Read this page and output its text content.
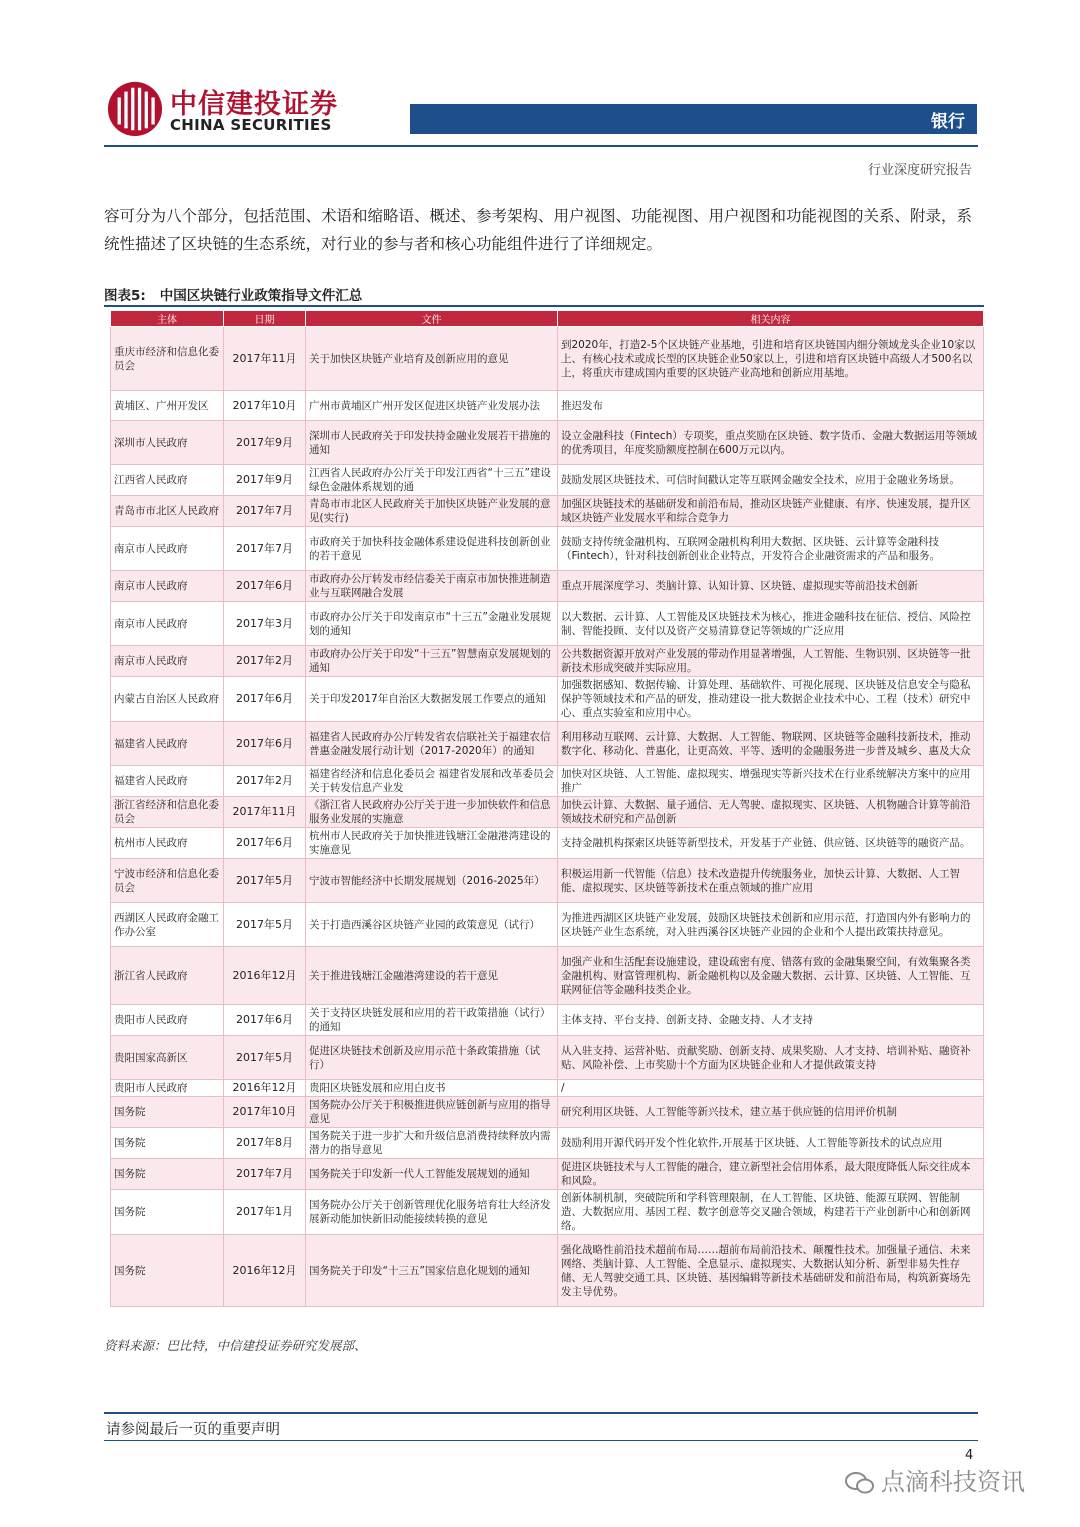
中信建投证券
CHINA SECURITIES	银行
行业深度研究报告

容可分为八个部分，包括范围、术语和缩略语、概述、参考架构、用户视图、功能视图、用户视图和功能视图的关系、附录，系统性描述了区块链的生态系统，对行业的参与者和核心功能组件进行了详细规定。

图表5: 中国区块链行业政策指导文件汇总
主体	日期	文件	相关内容
重庆市经济和信息化委员会	2017年11月	关于加快区块链产业培育及创新应用的意见	到2020年，打造2-5个区块链产业基地，引进和培育区块链国内细分领域龙头企业10家以上、有核心技术或成长型的区块链企业50家以上，引进和培育区块链中高级人才500名以上，将重庆市建成国内重要的区块链产业高地和创新应用基地。
黄埔区、广州开发区	2017年10月	广州市黄埔区广州开发区促进区块链产业发展办法	推迟发布
深圳市人民政府	2017年9月	深圳市人民政府关于印发扶持金融业发展若干措施的通知	设立金融科技（Fintech）专项奖，重点奖励在区块链、数字货币、金融大数据运用等领域的优秀项目，年度奖励额度控制在600万元以内。
江西省人民政府	2017年9月	江西省人民政府办公厅关于印发江西省“十三五”建设绿色金融体系规划的通	鼓励发展区块链技术、可信时间戳认定等互联网金融安全技术，应用于金融业务场景。
青岛市市北区人民政府	2017年7月	青岛市市北区人民政府关于加快区块链产业发展的意见(实行)	加强区块链技术的基础研发和前沿布局，推动区块链产业健康、有序、快速发展，提升区域区块链产业发展水平和综合竞争力
南京市人民政府	2017年7月	市政府关于加快科技金融体系建设促进科技创新创业的若干意见	鼓励支持传统金融机构、互联网金融机构利用大数据、区块链、云计算等金融科技（Fintech），针对科技创新创业企业特点，开发符合企业融资需求的产品和服务。
南京市人民政府	2017年6月	市政府办公厅转发市经信委关于南京市加快推进制造业与互联网融合发展	重点开展深度学习、类脑计算、认知计算、区块链、虚拟现实等前沿技术创新
南京市人民政府	2017年3月	市政府办公厅关于印发南京市“十三五”金融业发展规划的通知	以大数据、云计算、人工智能及区块链技术为核心，推进金融科技在征信、授信、风险控制、智能投顾、支付以及资产交易清算登记等领域的广泛应用
南京市人民政府	2017年2月	市政府办公厅关于印发“十三五”智慧南京发展规划的通知	公共数据资源开放对产业发展的带动作用显著增强，人工智能、生物识别、区块链等一批新技术形成突破并实际应用。
内蒙古自治区人民政府	2017年6月	关于印发2017年自治区大数据发展工作要点的通知	加强数据感知、数据传输、计算处理、基础软件、可视化展现、区块链及信息安全与隐私保护等领域技术和产品的研发，推动建设一批大数据企业技术中心、工程（技术）研究中心、重点实验室和应用中心。
福建省人民政府	2017年6月	福建省人民政府办公厅转发省农信联社关于福建农信普惠金融发展行动计划（2017-2020年）的通知	利用移动互联网、云计算、大数据、人工智能、物联网、区块链等金融科技新技术，推动数字化、移动化、普惠化，让更高效、平等、透明的金融服务进一步普及城乡、惠及大众
福建省人民政府	2017年2月	福建省经济和信息化委员会 福建省发展和改革委员会关于转发信息产业发	加快对区块链、人工智能、虚拟现实、增强现实等新兴技术在行业系统解决方案中的应用推广
浙江省经济和信息化委员会	2017年11月	《浙江省人民政府办公厅关于进一步加快软件和信息服务业发展的实施意	加快云计算、大数据、量子通信、无人驾驶、虚拟现实、区块链、人机物融合计算等前沿领域技术研究和产品创新
杭州市人民政府	2017年6月	杭州市人民政府关于加快推进钱塘江金融港湾建设的实施意见	支持金融机构探索区块链等新型技术，开发基于产业链、供应链、区块链等的融资产品。
宁波市经济和信息化委员会	2017年5月	宁波市智能经济中长期发展规划（2016-2025年）	积极运用新一代智能（信息）技术改造提升传统服务业，加快云计算、大数据、人工智能、虚拟现实、区块链等新技术在重点领域的推广应用
西湖区人民政府金融工作办公室	2017年5月	关于打造西溪谷区块链产业园的政策意见（试行）	为推进西湖区区块链产业发展，鼓励区块链技术创新和应用示范，打造国内外有影响力的区块链产业生态系统，对入驻西溪谷区块链产业园的企业和个人提出政策扶持意见。
浙江省人民政府	2016年12月	关于推进钱塘江金融港湾建设的若干意见	加强产业和生活配套设施建设，建设疏密有度、错落有致的金融集聚空间，有效集聚各类金融机构、财富管理机构、新金融机构以及金融大数据、云计算、区块链、人工智能、互联网征信等金融科技类企业。
贵阳市人民政府	2017年6月	关于支持区块链发展和应用的若干政策措施（试行）的通知	主体支持、平台支持、创新支持、金融支持、人才支持
贵阳国家高新区	2017年5月	促进区块链技术创新及应用示范十条政策措施（试行）	从入驻支持、运营补贴、贡献奖励、创新支持、成果奖励、人才支持、培训补贴、融资补贴、风险补偿、上市奖励十个方面为区块链企业和人才提供政策支持
贵阳市人民政府	2016年12月	贵阳区块链发展和应用白皮书	/
国务院	2017年10月	国务院办公厅关于积极推进供应链创新与应用的指导意见	研究利用区块链、人工智能等新兴技术，建立基于供应链的信用评价机制
国务院	2017年8月	国务院关于进一步扩大和升级信息消费持续释放内需潜力的指导意见	鼓励利用开源代码开发个性化软件,开展基于区块链、人工智能等新技术的试点应用
国务院	2017年7月	国务院关于印发新一代人工智能发展规划的通知	促进区块链技术与人工智能的融合，建立新型社会信用体系，最大限度降低人际交往成本和风险。
国务院	2017年1月	国务院办公厅关于创新管理优化服务培育壮大经济发展新动能加快新旧动能接续转换的意见	创新体制机制，突破院所和学科管理限制，在人工智能、区块链、能源互联网、智能制造、大数据应用、基因工程、数字创意等交叉融合领域，构建若干产业创新中心和创新网络。
国务院	2016年12月	国务院关于印发“十三五”国家信息化规划的通知	强化战略性前沿技术超前布局……超前布局前沿技术、颠覆性技术。加强量子通信、未来网络、类脑计算、人工智能、全息显示、虚拟现实、大数据认知分析、新型非易失性存储、无人驾驶交通工具、区块链、基因编辑等新技术基础研发和前沿布局，构筑新赛场先发主导优势。
资料来源：巴比特，中信建投证券研究发展部、
请参阅最后一页的重要声明
4
点滴科技资讯
